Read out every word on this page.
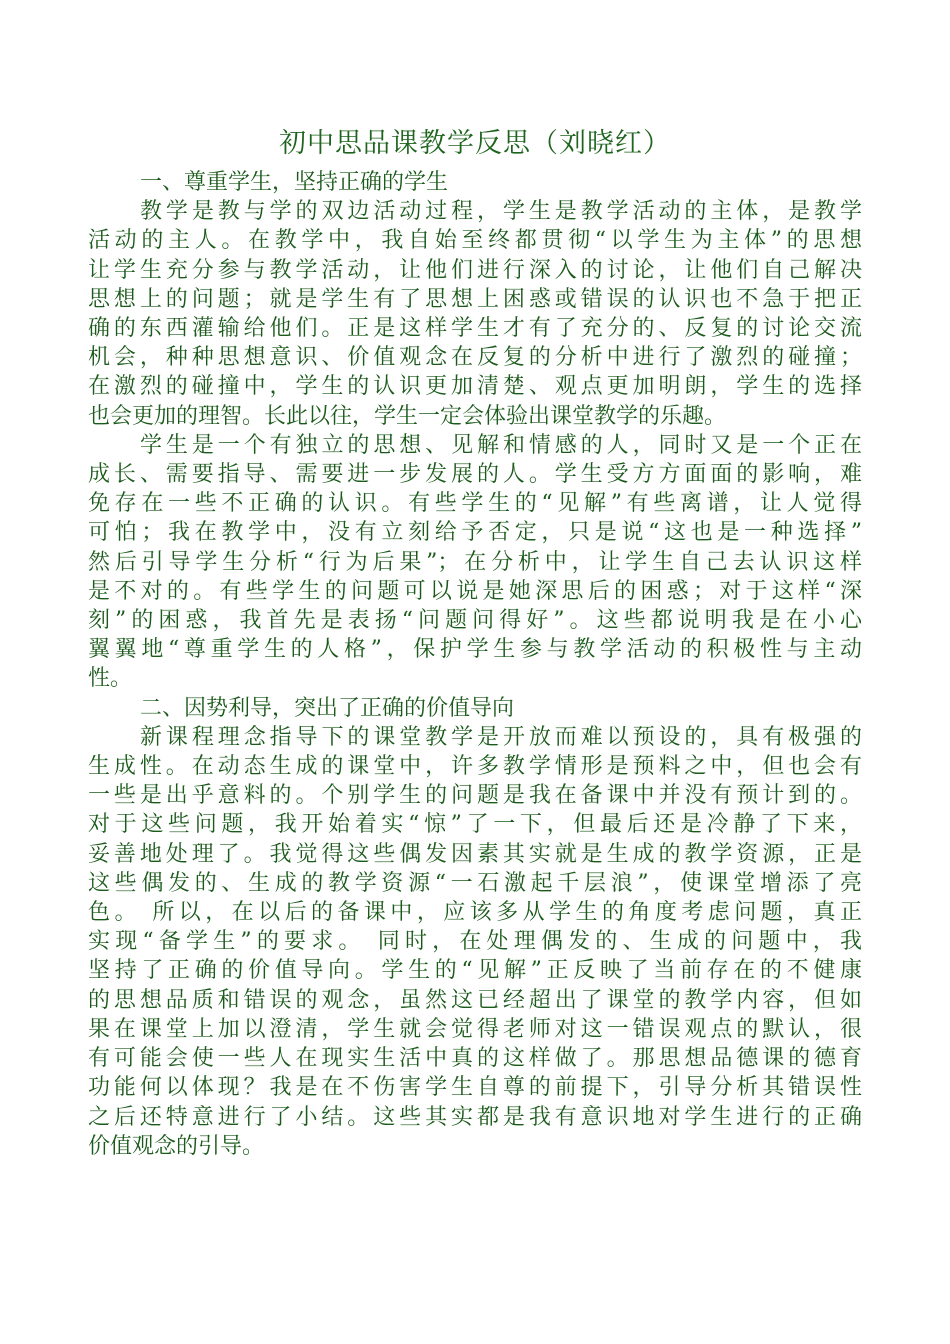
初中思品课教学反思（刘晓红）
一、尊重学生，坚持正确的学生
教学是教与学的双边活动过程，学生是教学活动的主体，是教学
活动的主人。在教学中，我自始至终都贯彻“以学生为主体”的思想
让学生充分参与教学活动，让他们进行深入的讨论，让他们自己解决
思想上的问题；就是学生有了思想上困惑或错误的认识也不急于把正
确的东西灌输给他们。正是这样学生才有了充分的、反复的讨论交流
机会，种种思想意识、价值观念在反复的分析中进行了激烈的碰撞；
在激烈的碰撞中，学生的认识更加清楚、观点更加明朗，学生的选择
也会更加的理智。长此以往，学生一定会体验出课堂教学的乐趣。
学生是一个有独立的思想、见解和情感的人，同时又是一个正在
成长、需要指导、需要进一步发展的人。学生受方方面面的影响，难
免存在一些不正确的认识。有些学生的“见解”有些离谱，让人觉得
可怕；我在教学中，没有立刻给予否定，只是说“这也是一种选择”
然后引导学生分析“行为后果”；在分析中，让学生自己去认识这样
是不对的。有些学生的问题可以说是她深思后的困惑；对于这样“深
刻”的困惑，我首先是表扬“问题问得好”。这些都说明我是在小心
翼翼地“尊重学生的人格”，保护学生参与教学活动的积极性与主动
性。
二、因势利导，突出了正确的价值导向
新课程理念指导下的课堂教学是开放而难以预设的，具有极强的
生成性。在动态生成的课堂中，许多教学情形是预料之中，但也会有
一些是出乎意料的。个别学生的问题是我在备课中并没有预计到的。
对于这些问题，我开始着实“惊”了一下，但最后还是冷静了下来，
妥善地处理了。我觉得这些偶发因素其实就是生成的教学资源，正是
这些偶发的、生成的教学资源“一石激起千层浪”，使课堂增添了亮
色。 所以，在以后的备课中，应该多从学生的角度考虑问题，真正
实现“备学生”的要求。 同时，在处理偶发的、生成的问题中，我
坚持了正确的价值导向。学生的“见解”正反映了当前存在的不健康
的思想品质和错误的观念，虽然这已经超出了课堂的教学内容，但如
果在课堂上加以澄清，学生就会觉得老师对这一错误观点的默认，很
有可能会使一些人在现实生活中真的这样做了。那思想品德课的德育
功能何以体现？我是在不伤害学生自尊的前提下，引导分析其错误性
之后还特意进行了小结。这些其实都是我有意识地对学生进行的正确
价值观念的引导。
